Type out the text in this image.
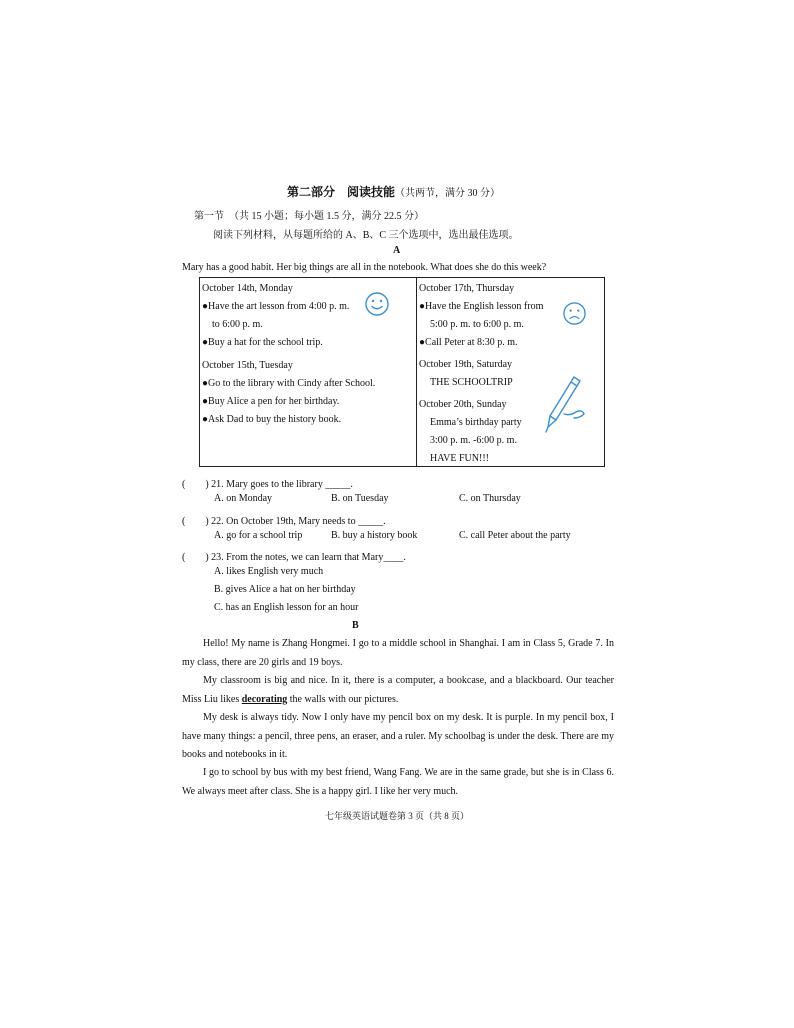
第二部分　阅读技能（共两节，满分 30 分）
第一节　（共 15 小题；每小题 1.5 分，满分 22.5 分）
阅读下列材料，从每题所给的 A、B、C 三个选项中，选出最佳选项。
A
Mary has a good habit. Her big things are all in the notebook. What does she do this week?
October 14th, Monday
●Have the art lesson from 4:00 p. m.
to 6:00 p. m.
●Buy a hat for the school trip.
October 15th, Tuesday
●Go to the library with Cindy after School.
●Buy Alice a pen for her birthday.
●Ask Dad to buy the history book.
October 17th, Thursday
●Have the English lesson from
5:00 p. m. to 6:00 p. m.
●Call Peter at 8:30 p. m.
October 19th, Saturday
THE SCHOOLTRIP
October 20th, Sunday
Emma’s birthday party
3:00 p. m. -6:00 p. m.
HAVE FUN!!!
(　　) 21. Mary goes to the library _____.
A. on Monday	B. on Tuesday	C. on Thursday
(　　) 22. On October 19th, Mary needs to _____.
A. go for a school trip	B. buy a history book	C. call Peter about the party
(　　) 23. From the notes, we can learn that Mary____.
A. likes English very much
B. gives Alice a hat on her birthday
C. has an English lesson for an hour
B
Hello! My name is Zhang Hongmei. I go to a middle school in Shanghai. I am in Class 5, Grade 7. In my class, there are 20 girls and 19 boys.
My classroom is big and nice. In it, there is a computer, a bookcase, and a blackboard. Our teacher Miss Liu likes decorating the walls with our pictures.
My desk is always tidy. Now I only have my pencil box on my desk. It is purple. In my pencil box, I have many things: a pencil, three pens, an eraser, and a ruler. My schoolbag is under the desk. There are my books and notebooks in it.
I go to school by bus with my best friend, Wang Fang. We are in the same grade, but she is in Class 6. We always meet after class. She is a happy girl. I like her very much.
七年级英语试题卷第 3 页（共 8 页）
